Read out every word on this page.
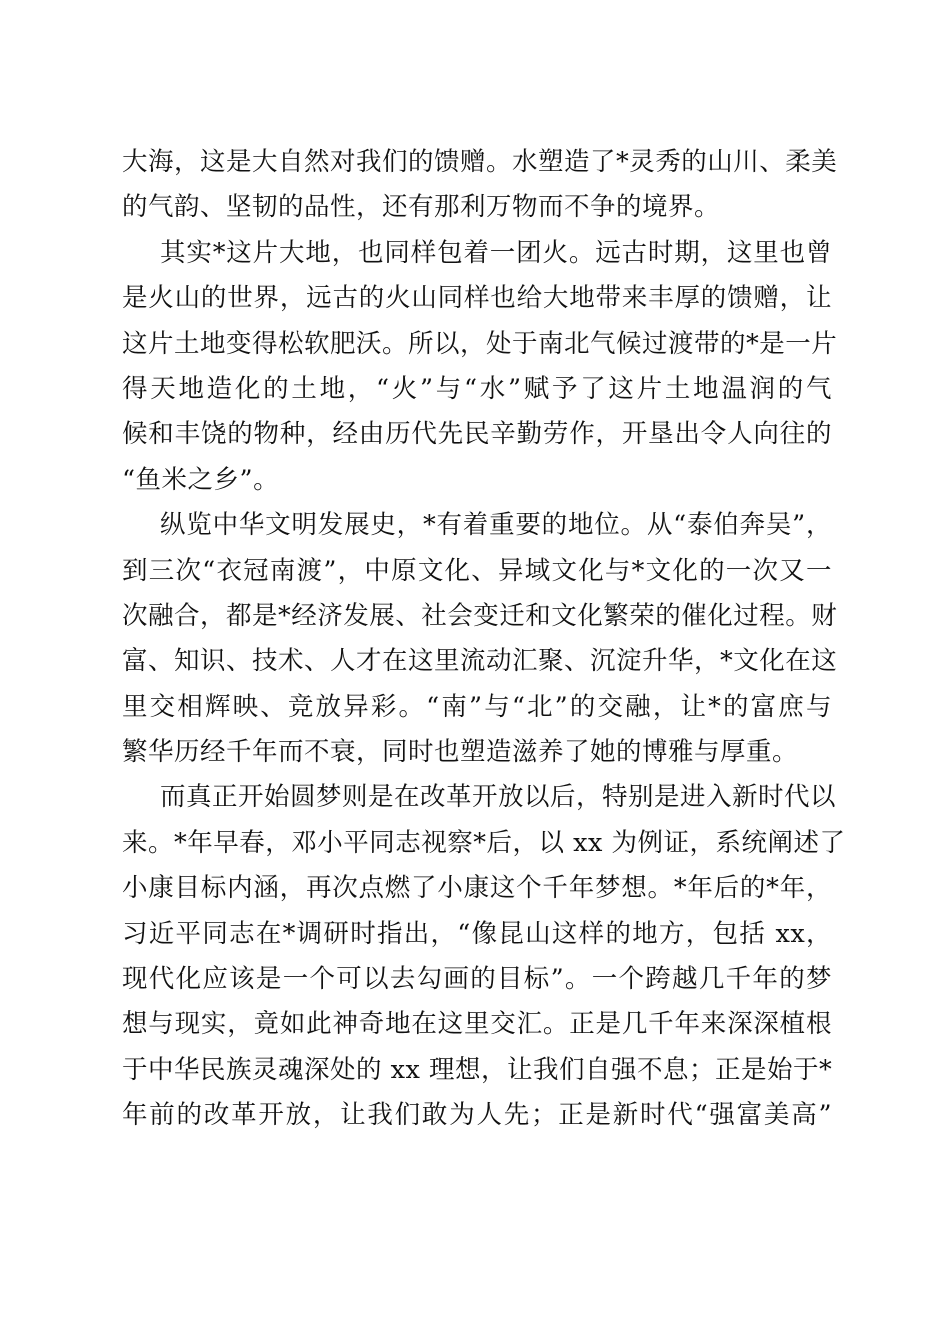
大海，这是大自然对我们的馈赠。水塑造了*灵秀的山川、柔美
的气韵、坚韧的品性，还有那利万物而不争的境界。
其实*这片大地，也同样包着一团火。远古时期，这里也曾
是火山的世界，远古的火山同样也给大地带来丰厚的馈赠，让
这片土地变得松软肥沃。所以，处于南北气候过渡带的*是一片
得天地造化的土地，“火”与“水”赋予了这片土地温润的气
候和丰饶的物种，经由历代先民辛勤劳作，开垦出令人向往的
“鱼米之乡”。
纵览中华文明发展史，*有着重要的地位。从“泰伯奔吴”，
到三次“衣冠南渡”，中原文化、异域文化与*文化的一次又一
次融合，都是*经济发展、社会变迁和文化繁荣的催化过程。财
富、知识、技术、人才在这里流动汇聚、沉淀升华，*文化在这
里交相辉映、竞放异彩。“南”与“北”的交融，让*的富庶与
繁华历经千年而不衰，同时也塑造滋养了她的博雅与厚重。
而真正开始圆梦则是在改革开放以后，特别是进入新时代以
来。*年早春，邓小平同志视察*后，以 xx 为例证，系统阐述了
小康目标内涵，再次点燃了小康这个千年梦想。*年后的*年，
习近平同志在*调研时指出，“像昆山这样的地方，包括 xx，
现代化应该是一个可以去勾画的目标”。一个跨越几千年的梦
想与现实，竟如此神奇地在这里交汇。正是几千年来深深植根
于中华民族灵魂深处的 xx 理想，让我们自强不息；正是始于*
年前的改革开放，让我们敢为人先；正是新时代“强富美高”
